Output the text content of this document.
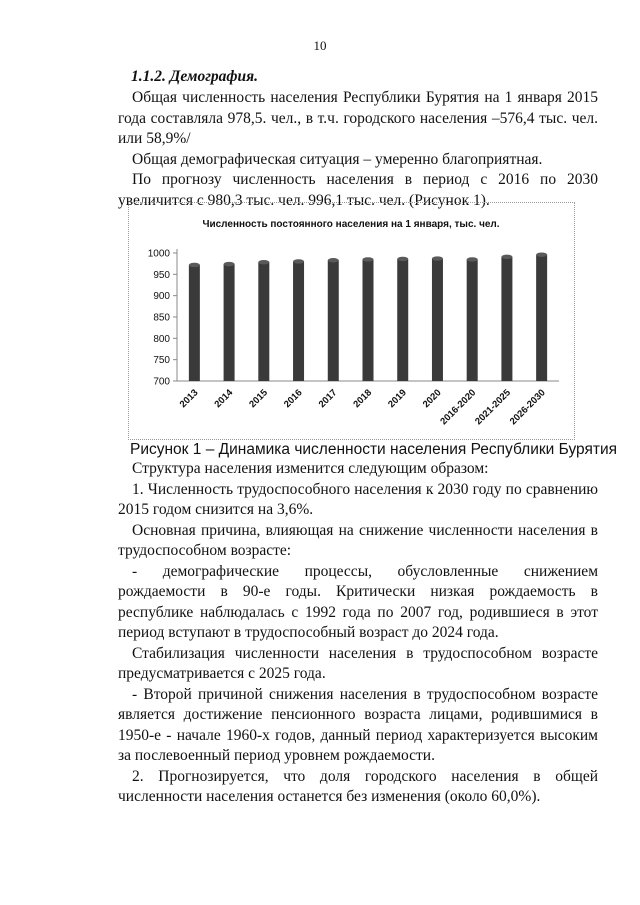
10
1.1.2. Демография.

Общая численность населения Республики Бурятия на 1 января 2015 года составляла 978,5. чел., в т.ч. городского населения –576,4 тыс. чел. или 58,9%/

Общая демографическая ситуация – умеренно благоприятная.

По прогнозу численность населения в период с 2016 по 2030 увеличится с 980,3 тыс. чел. 996,1 тыс. чел. (Рисунок 1).

Численность постоянного населения на 1 января, тыс. чел.
700
750
800
850
900
950
1000
2013 2014 2015 2016 2017 2018 2019 2020
2016-2020
2021-2025
2026-2030
Рисунок 1 – Динамика численности населения Республики Бурятия

Структура населения изменится следующим образом:

1. Численность трудоспособного населения к 2030 году по сравнению 2015 годом снизится на 3,6%.

Основная причина, влияющая на снижение численности населения в трудоспособном возрасте:

- демографические процессы, обусловленные снижением рождаемости в 90-е годы. Критически низкая рождаемость в республике наблюдалась с 1992 года по 2007 год, родившиеся в этот период вступают в трудоспособный возраст до 2024 года.

Стабилизация численности населения в трудоспособном возрасте предусматривается с 2025 года.

- Второй причиной снижения населения в трудоспособном возрасте является достижение пенсионного возраста лицами, родившимися в 1950-е - начале 1960-х годов, данный период характеризуется высоким за послевоенный период уровнем рождаемости.

2. Прогнозируется, что доля городского населения в общей численности населения останется без изменения (около 60,0%).
